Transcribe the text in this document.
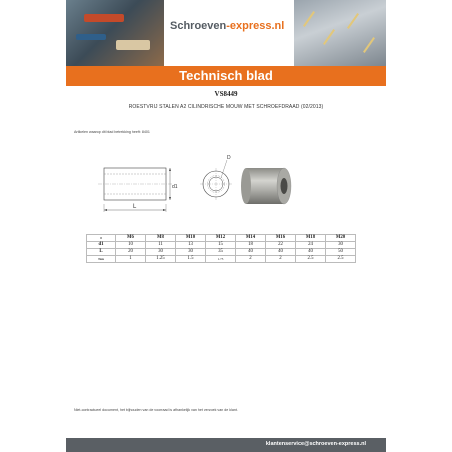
Schroeven-express.nl
Technisch blad
VS8449
ROESTVRIJ STALEN A2 CILINDRISCHE MOUW MET SCHROEFDRAAD (02/2013)
Artikelen waarop dit blad betrekking heeft: 8401
L
d1
D
#	M6	M8	M10	M12	M14	M16	M18	M20
d1	10	11	13	15	18	22	24	30
L	20	30	30	35	40	40	40	50
Nen	1	1.25	1.5	1.75	2	2	2.5	2.5
Niet-contractueel document, het bijhouden van de voorraad is afhankelijk van het verzoek van de klant.
klantenservice@schroeven-express.nl
